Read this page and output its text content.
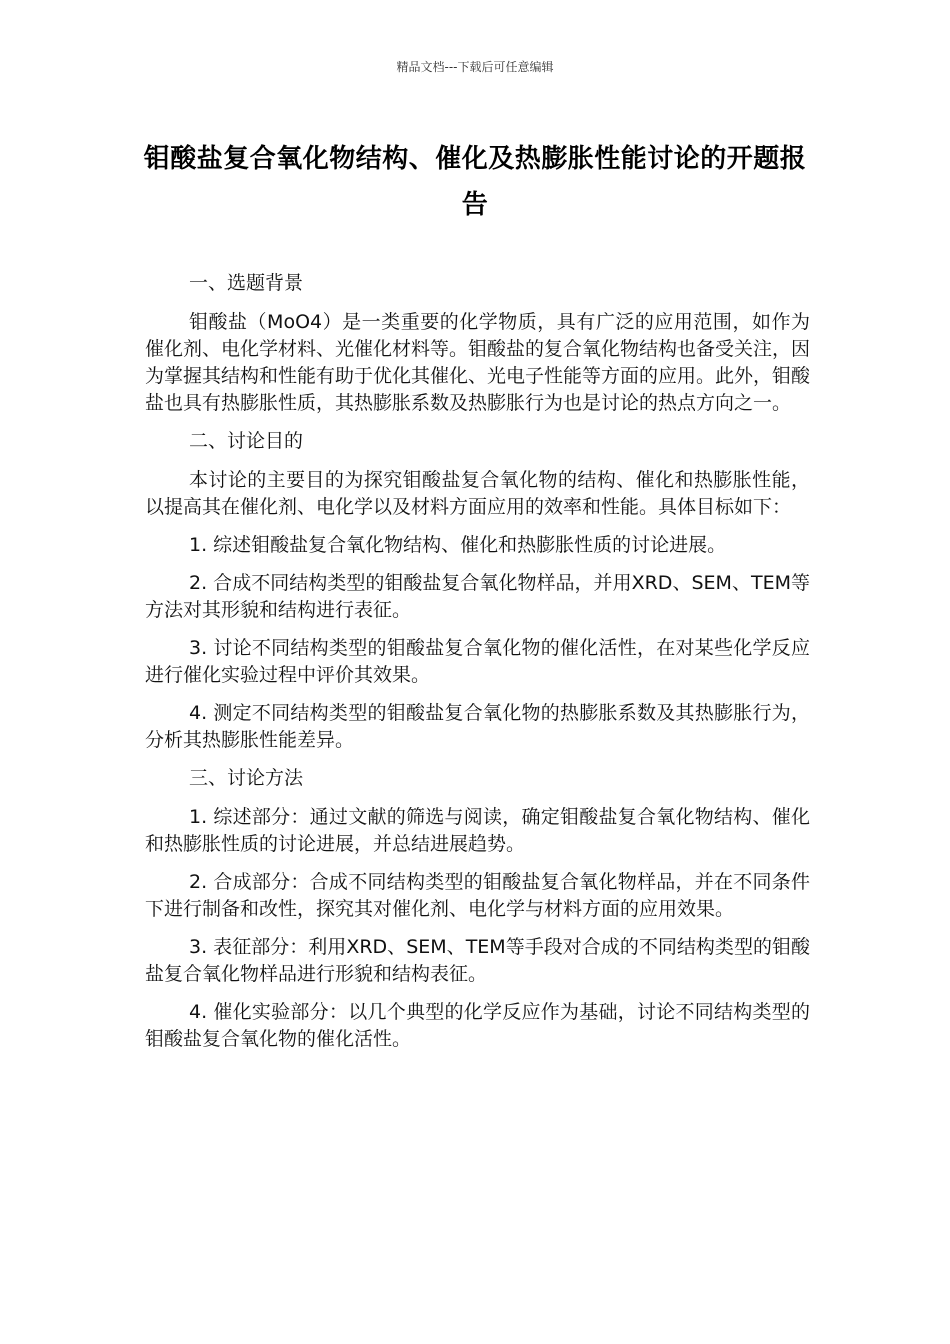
精品文档---下载后可任意编辑
钼酸盐复合氧化物结构、催化及热膨胀性能讨论的开题报告

一、选题背景

钼酸盐（MoO4）是一类重要的化学物质，具有广泛的应用范围，如作为催化剂、电化学材料、光催化材料等。钼酸盐的复合氧化物结构也备受关注，因为掌握其结构和性能有助于优化其催化、光电子性能等方面的应用。此外，钼酸盐也具有热膨胀性质，其热膨胀系数及热膨胀行为也是讨论的热点方向之一。

二、讨论目的

本讨论的主要目的为探究钼酸盐复合氧化物的结构、催化和热膨胀性能，以提高其在催化剂、电化学以及材料方面应用的效率和性能。具体目标如下：

1. 综述钼酸盐复合氧化物结构、催化和热膨胀性质的讨论进展。

2. 合成不同结构类型的钼酸盐复合氧化物样品，并用XRD、SEM、TEM等方法对其形貌和结构进行表征。

3. 讨论不同结构类型的钼酸盐复合氧化物的催化活性，在对某些化学反应进行催化实验过程中评价其效果。

4. 测定不同结构类型的钼酸盐复合氧化物的热膨胀系数及其热膨胀行为，分析其热膨胀性能差异。

三、讨论方法

1. 综述部分：通过文献的筛选与阅读，确定钼酸盐复合氧化物结构、催化和热膨胀性质的讨论进展，并总结进展趋势。

2. 合成部分：合成不同结构类型的钼酸盐复合氧化物样品，并在不同条件下进行制备和改性，探究其对催化剂、电化学与材料方面的应用效果。

3. 表征部分：利用XRD、SEM、TEM等手段对合成的不同结构类型的钼酸盐复合氧化物样品进行形貌和结构表征。

4. 催化实验部分：以几个典型的化学反应作为基础，讨论不同结构类型的钼酸盐复合氧化物的催化活性。
